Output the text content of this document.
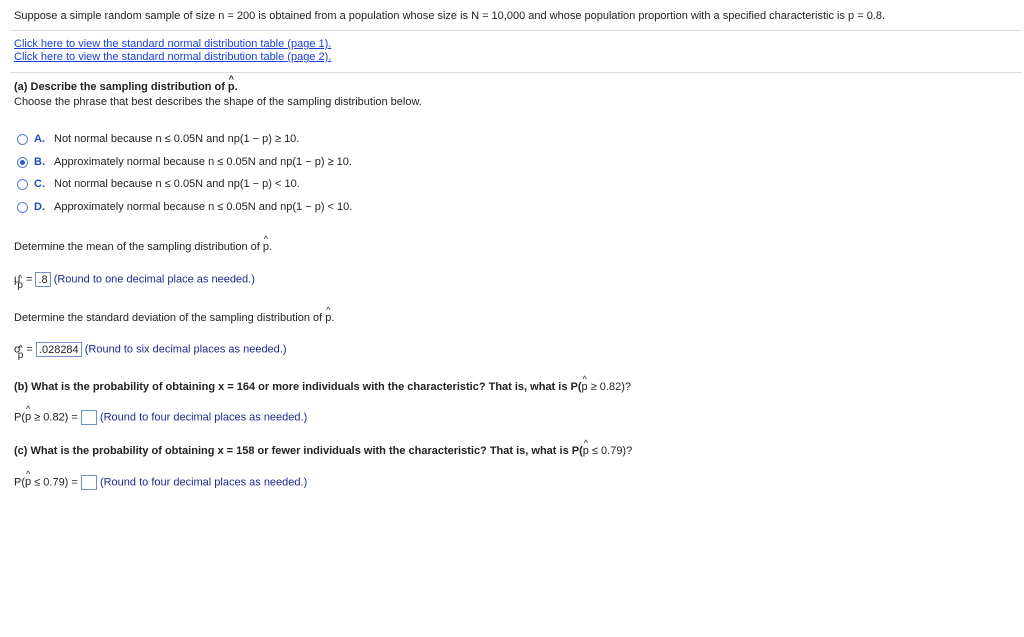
Suppose a simple random sample of size n = 200 is obtained from a population whose size is N = 10,000 and whose population proportion with a specified characteristic is p = 0.8.
Click here to view the standard normal distribution table (page 1).
Click here to view the standard normal distribution table (page 2).
(a) Describe the sampling distribution of ^ p.
Choose the phrase that best describes the shape of the sampling distribution below.
A. Not normal because n ≤ 0.05N and np(1 − p) ≥ 10.
B. Approximately normal because n ≤ 0.05N and np(1 − p) ≥ 10.
C. Not normal because n ≤ 0.05N and np(1 − p) < 10.
D. Approximately normal because n ≤ 0.05N and np(1 − p) < 10.
Determine the mean of the sampling distribution of ^ p.
μ^ p = .8 (Round to one decimal place as needed.)
Determine the standard deviation of the sampling distribution of ^ p.
σ^ p = .028284 (Round to six decimal places as needed.)
(b) What is the probability of obtaining x = 164 or more individuals with the characteristic? That is, what is P(^ p ≥ 0.82)?
P(^ p ≥ 0.82) = (Round to four decimal places as needed.)
(c) What is the probability of obtaining x = 158 or fewer individuals with the characteristic? That is, what is P(^ p ≤ 0.79)?
P(^ p ≤ 0.79) = (Round to four decimal places as needed.)
